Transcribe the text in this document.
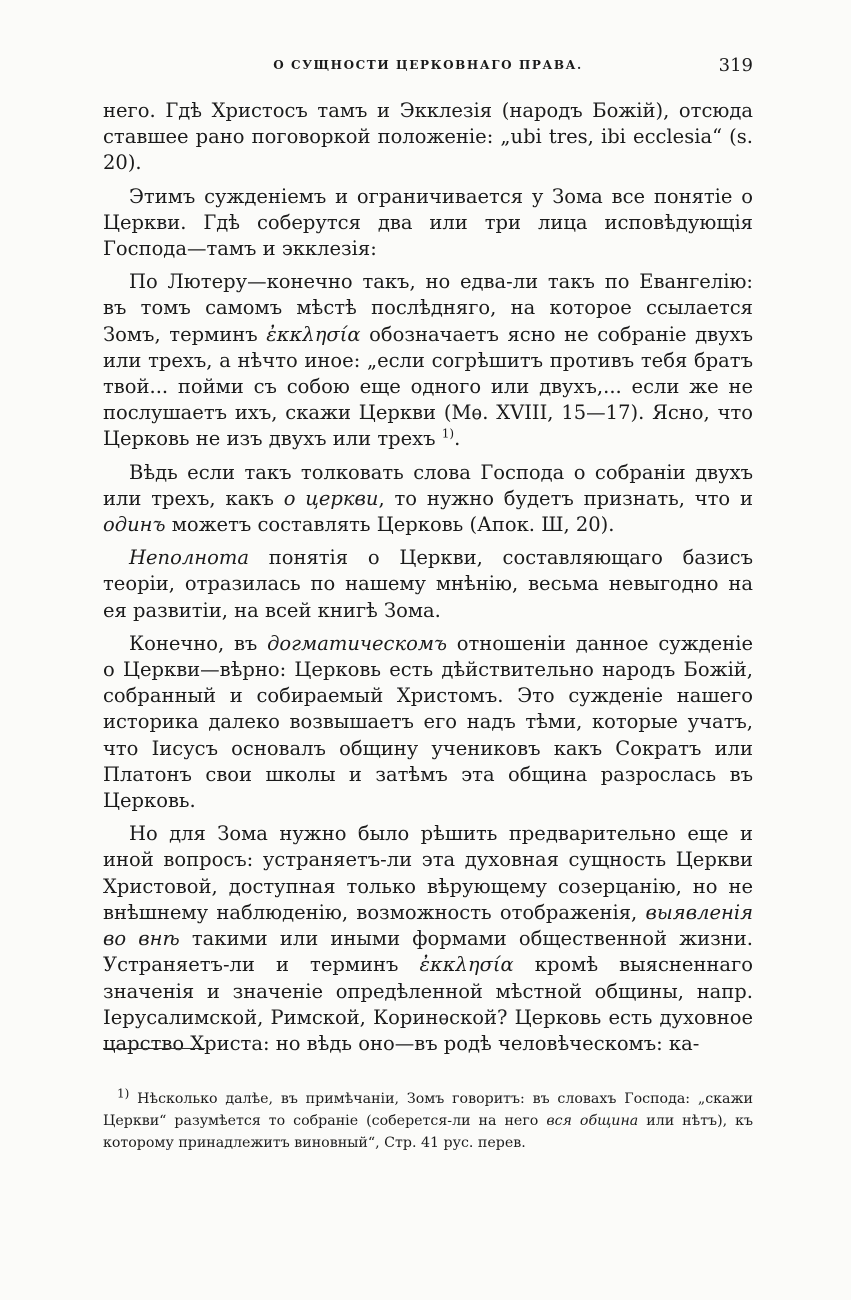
О СУЩНОСТИ ЦЕРКОВНАГО ПРАВА.	319

него. Гдѣ Христосъ тамъ и Экклезія (народъ Божій), отсюда ставшее рано поговоркой положеніе: „ubi tres, ibi ecclesia“ (s. 20).

Этимъ сужденіемъ и ограничивается у Зома все понятіе о Церкви. Гдѣ соберутся два или три лица исповѣдующія Господа—тамъ и экклезія:

По Лютеру—конечно такъ, но едва-ли такъ по Евангелію: въ томъ самомъ мѣстѣ послѣдняго, на которое ссылается Зомъ, терминъ ἐκκλησία обозначаетъ ясно не собраніе двухъ или трехъ, а нѣчто иное: „если согрѣшитъ противъ тебя братъ твой... пойми съ собою еще одного или двухъ,... если же не послушаетъ ихъ, скажи Церкви (Мѳ. XVIII, 15—17). Ясно, что Церковь не изъ двухъ или трехъ $^{1)}$.

Вѣдь если такъ толковать слова Господа о собраніи двухъ или трехъ, какъ о церкви, то нужно будетъ признать, что и одинъ можетъ составлять Церковь (Апок. Ш, 20).

Неполнота понятія о Церкви, составляющаго базисъ теоріи, отразилась по нашему мнѣнію, весьма невыгодно на ея развитіи, на всей книгѣ Зома.

Конечно, въ догматическомъ отношеніи данное сужденіе о Церкви—вѣрно: Церковь есть дѣйствительно народъ Божій, собранный и собираемый Христомъ. Это сужденіе нашего историка далеко возвышаетъ его надъ тѣми, которые учатъ, что Іисусъ основалъ общину учениковъ какъ Сократъ или Платонъ свои школы и затѣмъ эта община разрослась въ Церковь.

Но для Зома нужно было рѣшить предварительно еще и иной вопросъ: устраняетъ-ли эта духовная сущность Церкви Христовой, доступная только вѣрующему созерцанію, но не внѣшнему наблюденію, возможность отображенія, выявленія во внѣ такими или иными формами общественной жизни. Устраняетъ-ли и терминъ ἐκκλησία кромѣ выясненнаго значенія и значеніе опредѣленной мѣстной общины, напр. Іерусалимской, Римской, Коринѳской? Церковь есть духовное царство Христа: но вѣдь оно—въ родѣ человѣческомъ: ка-

$^{1)}$ Нѣсколько далѣе, въ примѣчаніи, Зомъ говоритъ: въ словахъ Господа: „скажи Церкви“ разумѣется то собраніе (соберется-ли на него вся община или нѣтъ), къ которому принадлежитъ виновный“, Стр. 41 рус. перев.
